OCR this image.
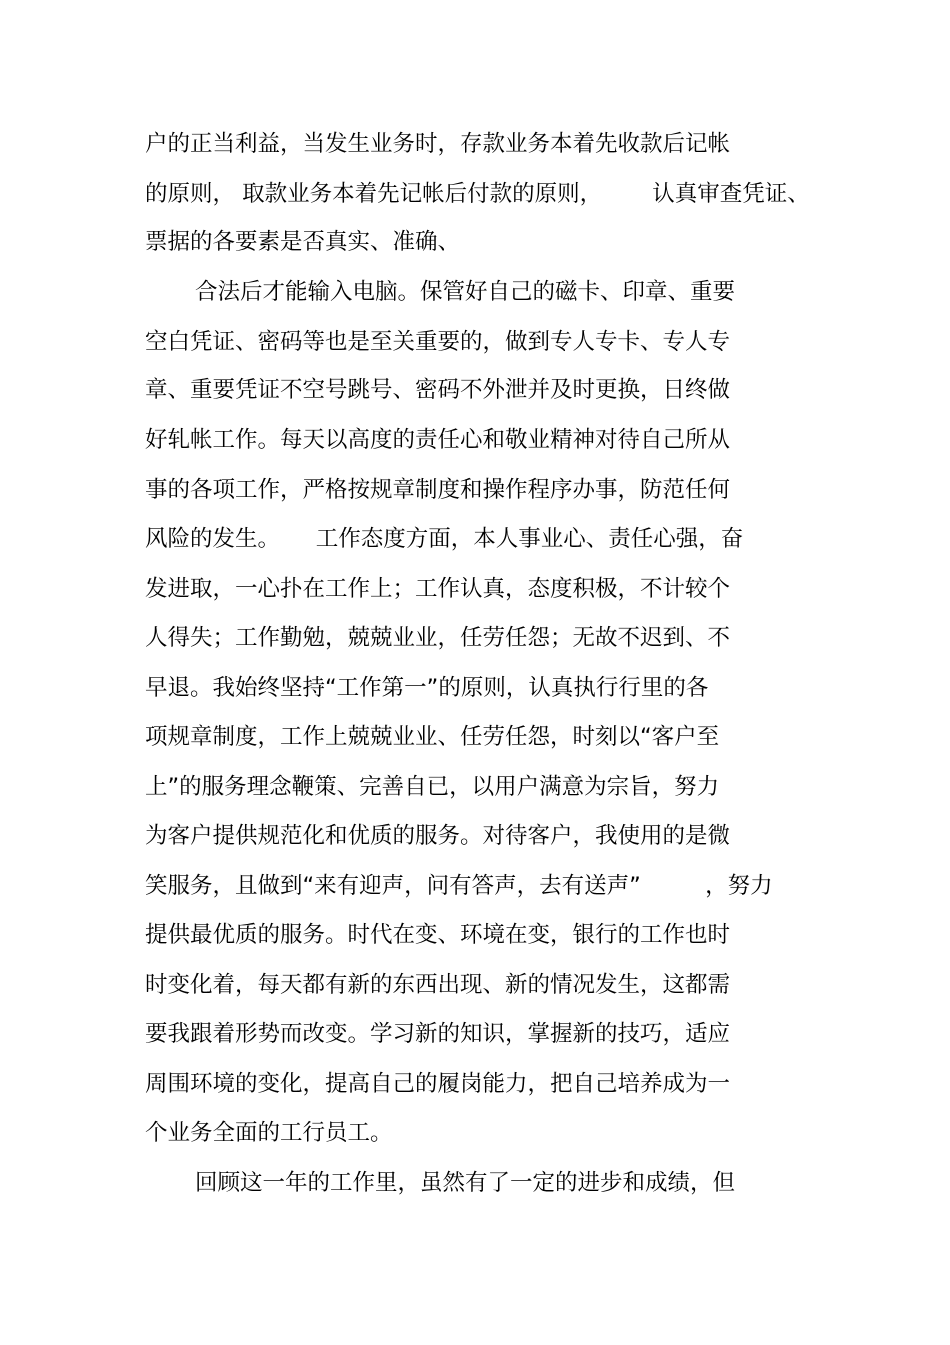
户的正当利益，当发生业务时，存款业务本着先收款后记帐
的原则， 取款业务本着先记帐后付款的原则，       认真审查凭证、
票据的各要素是否真实、准确、
合法后才能输入电脑。保管好自己的磁卡、印章、重要
空白凭证、密码等也是至关重要的，做到专人专卡、专人专
章、重要凭证不空号跳号、密码不外泄并及时更换，日终做
好轧帐工作。每天以高度的责任心和敬业精神对待自己所从
事的各项工作，严格按规章制度和操作程序办事，防范任何
风险的发生。     工作态度方面，本人事业心、责任心强，奋
发进取，一心扑在工作上；工作认真，态度积极，不计较个
人得失；工作勤勉，兢兢业业，任劳任怨；无故不迟到、不
早退。我始终坚持“工作第一”的原则，认真执行行里的各
项规章制度，工作上兢兢业业、任劳任怨，时刻以“客户至
上”的服务理念鞭策、完善自已，以用户满意为宗旨，努力
为客户提供规范化和优质的服务。对待客户，我使用的是微
笑服务，且做到“来有迎声，问有答声，去有送声”         ，努力
提供最优质的服务。时代在变、环境在变，银行的工作也时
时变化着，每天都有新的东西出现、新的情况发生，这都需
要我跟着形势而改变。学习新的知识，掌握新的技巧，适应
周围环境的变化，提高自己的履岗能力，把自己培养成为一
个业务全面的工行员工。
回顾这一年的工作里，虽然有了一定的进步和成绩，但
